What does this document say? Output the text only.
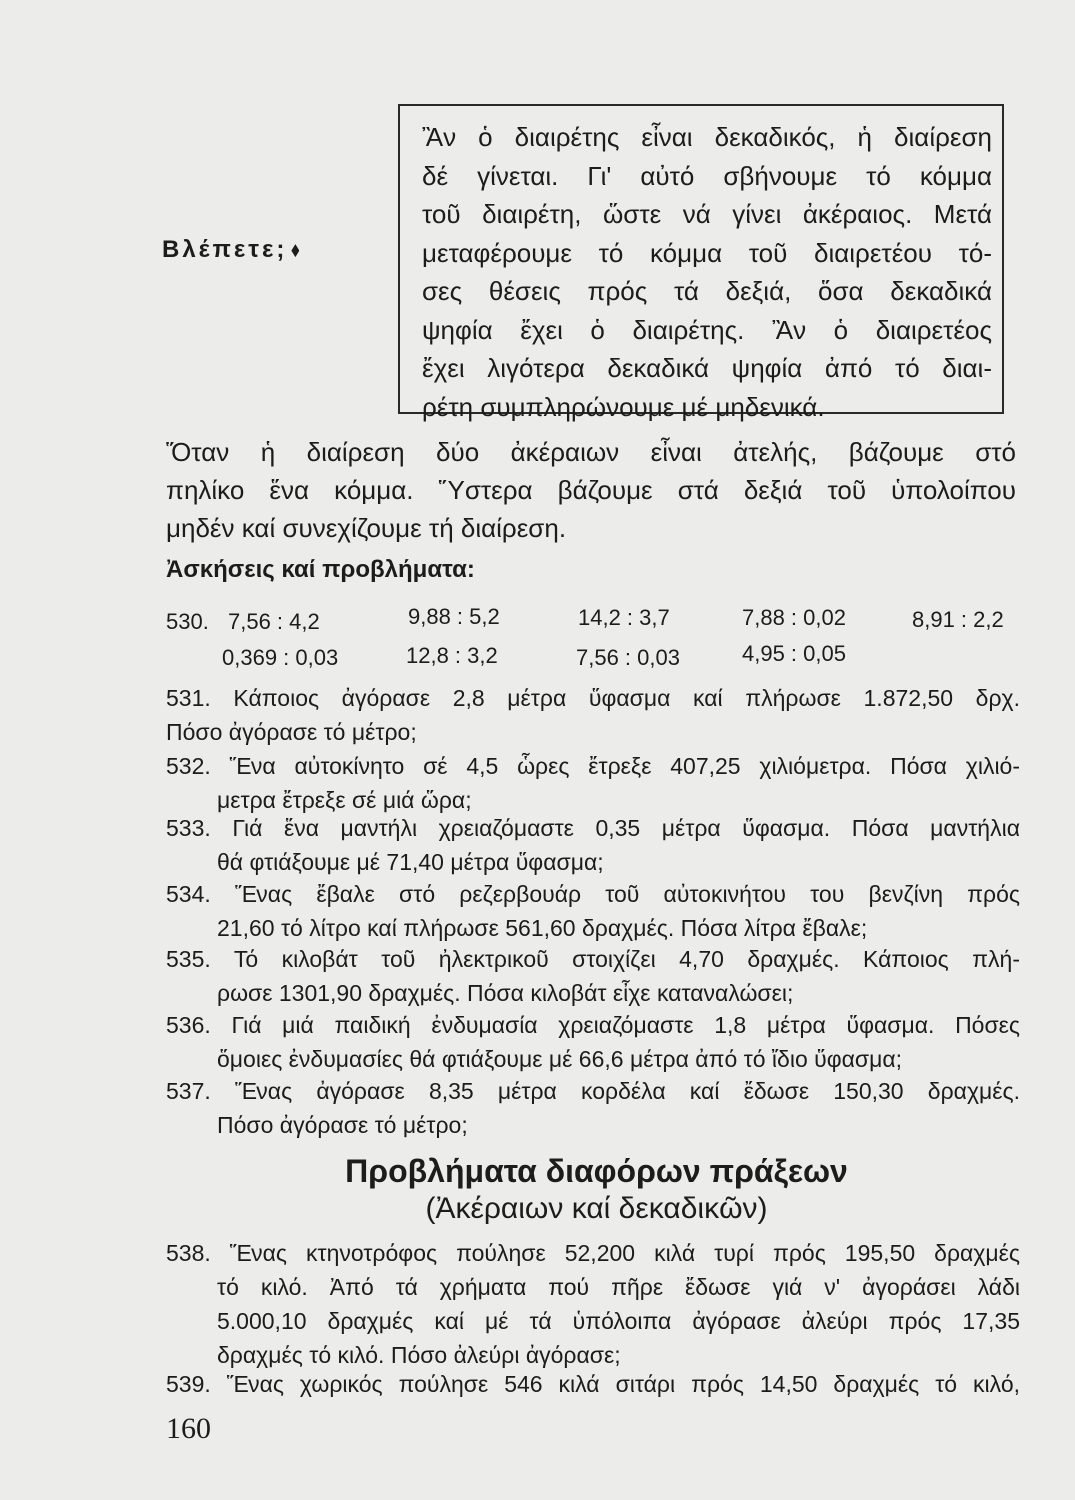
Βλέπετε;
Ἂν ὁ διαιρέτης εἶναι δεκαδικός, ἡ διαίρεση
δέ γίνεται. Γι' αὐτό σβήνουμε τό κόμμα
τοῦ διαιρέτη, ὥστε νά γίνει ἀκέραιος. Μετά
μεταφέρουμε τό κόμμα τοῦ διαιρετέου τό-
σες θέσεις πρός τά δεξιά, ὅσα δεκαδικά
ψηφία ἔχει ὁ διαιρέτης. Ἂν ὁ διαιρετέος
ἔχει λιγότερα δεκαδικά ψηφία ἀπό τό διαι-
ρέτη συμπληρώνουμε μέ μηδενικά.
Ὅταν ἡ διαίρεση δύο ἀκέραιων εἶναι ἀτελής, βάζουμε στό
πηλίκο ἕνα κόμμα. Ὕστερα βάζουμε στά δεξιά τοῦ ὑπολοίπου
μηδέν καί συνεχίζουμε τή διαίρεση.
Ἀσκήσεις καί προβλήματα:
530. 7,56 : 4,2	9,88 : 5,2	14,2 : 3,7	7,88 : 0,02	8,91 : 2,2
0,369 : 0,03	12,8 : 3,2	7,56 : 0,03	4,95 : 0,05
531. Κάποιος ἀγόρασε 2,8 μέτρα ὕφασμα καί πλήρωσε 1.872,50 δρχ.
Πόσο ἀγόρασε τό μέτρο;
532. Ἕνα αὐτοκίνητο σέ 4,5 ὧρες ἔτρεξε 407,25 χιλιόμετρα. Πόσα χιλιό-
μετρα ἔτρεξε σέ μιά ὥρα;
533. Γιά ἕνα μαντήλι χρειαζόμαστε 0,35 μέτρα ὕφασμα. Πόσα μαντήλια
θά φτιάξουμε μέ 71,40 μέτρα ὕφασμα;
534. Ἕνας ἔβαλε στό ρεζερβουάρ τοῦ αὐτοκινήτου του βενζίνη πρός
21,60 τό λίτρο καί πλήρωσε 561,60 δραχμές. Πόσα λίτρα ἔβαλε;
535. Τό κιλοβάτ τοῦ ἠλεκτρικοῦ στοιχίζει 4,70 δραχμές. Κάποιος πλή-
ρωσε 1301,90 δραχμές. Πόσα κιλοβάτ εἶχε καταναλώσει;
536. Γιά μιά παιδική ἐνδυμασία χρειαζόμαστε 1,8 μέτρα ὕφασμα. Πόσες
ὅμοιες ἐνδυμασίες θά φτιάξουμε μέ 66,6 μέτρα ἀπό τό ἴδιο ὕφασμα;
537. Ἕνας ἀγόρασε 8,35 μέτρα κορδέλα καί ἔδωσε 150,30 δραχμές.
Πόσο ἀγόρασε τό μέτρο;
Προβλήματα διαφόρων πράξεων
(Ἀκέραιων καί δεκαδικῶν)
538. Ἕνας κτηνοτρόφος πούλησε 52,200 κιλά τυρί πρός 195,50 δραχμές
τό κιλό. Ἀπό τά χρήματα πού πῆρε ἔδωσε γιά ν' ἀγοράσει λάδι
5.000,10 δραχμές καί μέ τά ὑπόλοιπα ἀγόρασε ἀλεύρι πρός 17,35
δραχμές τό κιλό. Πόσο ἀλεύρι ἀγόρασε;
539. Ἕνας χωρικός πούλησε 546 κιλά σιτάρι πρός 14,50 δραχμές τό κιλό,
160
